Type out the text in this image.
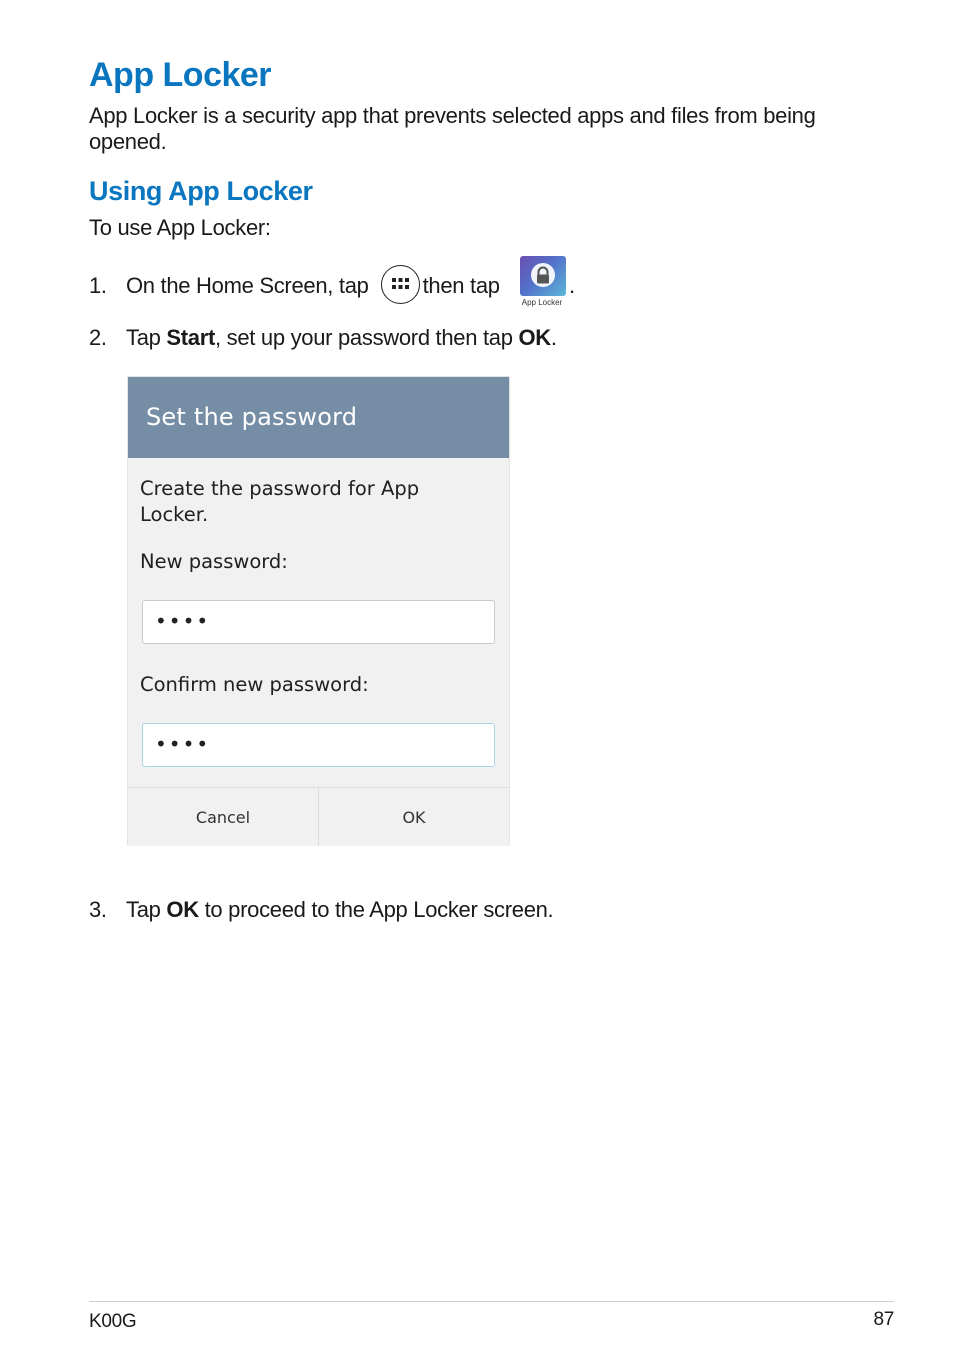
App Locker

App Locker is a security app that prevents selected apps and files from being opened.

Using App Locker

To use App Locker:

1. On the Home Screen, tap then tap
App Locker
.
2. Tap Start, set up your password then tap OK.
Set the password
Create the password for App Locker.
New password:
••••
Confirm new password:
••••
Cancel	OK
3. Tap OK to proceed to the App Locker screen.
K00G	87
